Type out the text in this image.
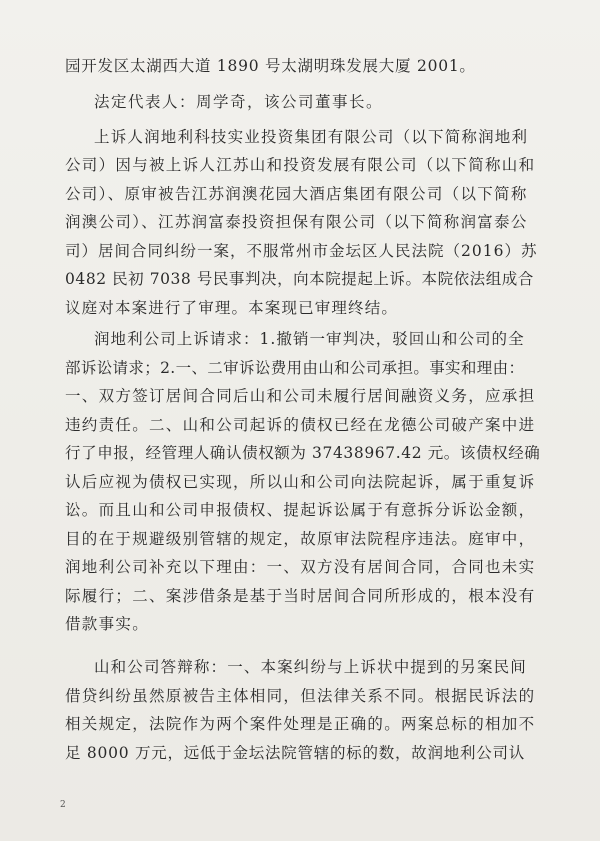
园开发区太湖西大道 1890 号太湖明珠发展大厦 2001。
法定代表人：周学奇，该公司董事长。
上诉人润地利科技实业投资集团有限公司（以下简称润地利
公司）因与被上诉人江苏山和投资发展有限公司（以下简称山和
公司）、原审被告江苏润澳花园大酒店集团有限公司（以下简称
润澳公司）、江苏润富泰投资担保有限公司（以下简称润富泰公
司）居间合同纠纷一案，不服常州市金坛区人民法院（2016）苏
0482 民初 7038 号民事判决，向本院提起上诉。本院依法组成合
议庭对本案进行了审理。本案现已审理终结。
润地利公司上诉请求：1.撤销一审判决，驳回山和公司的全
部诉讼请求；2.一、二审诉讼费用由山和公司承担。事实和理由：
一、双方签订居间合同后山和公司未履行居间融资义务，应承担
违约责任。二、山和公司起诉的债权已经在龙德公司破产案中进
行了申报，经管理人确认债权额为 37438967.42 元。该债权经确
认后应视为债权已实现，所以山和公司向法院起诉，属于重复诉
讼。而且山和公司申报债权、提起诉讼属于有意拆分诉讼金额，
目的在于规避级别管辖的规定，故原审法院程序违法。庭审中，
润地利公司补充以下理由：一、双方没有居间合同，合同也未实
际履行；二、案涉借条是基于当时居间合同所形成的，根本没有
借款事实。
山和公司答辩称：一、本案纠纷与上诉状中提到的另案民间
借贷纠纷虽然原被告主体相同，但法律关系不同。根据民诉法的
相关规定，法院作为两个案件处理是正确的。两案总标的相加不
足 8000 万元，远低于金坛法院管辖的标的数，故润地利公司认
2
